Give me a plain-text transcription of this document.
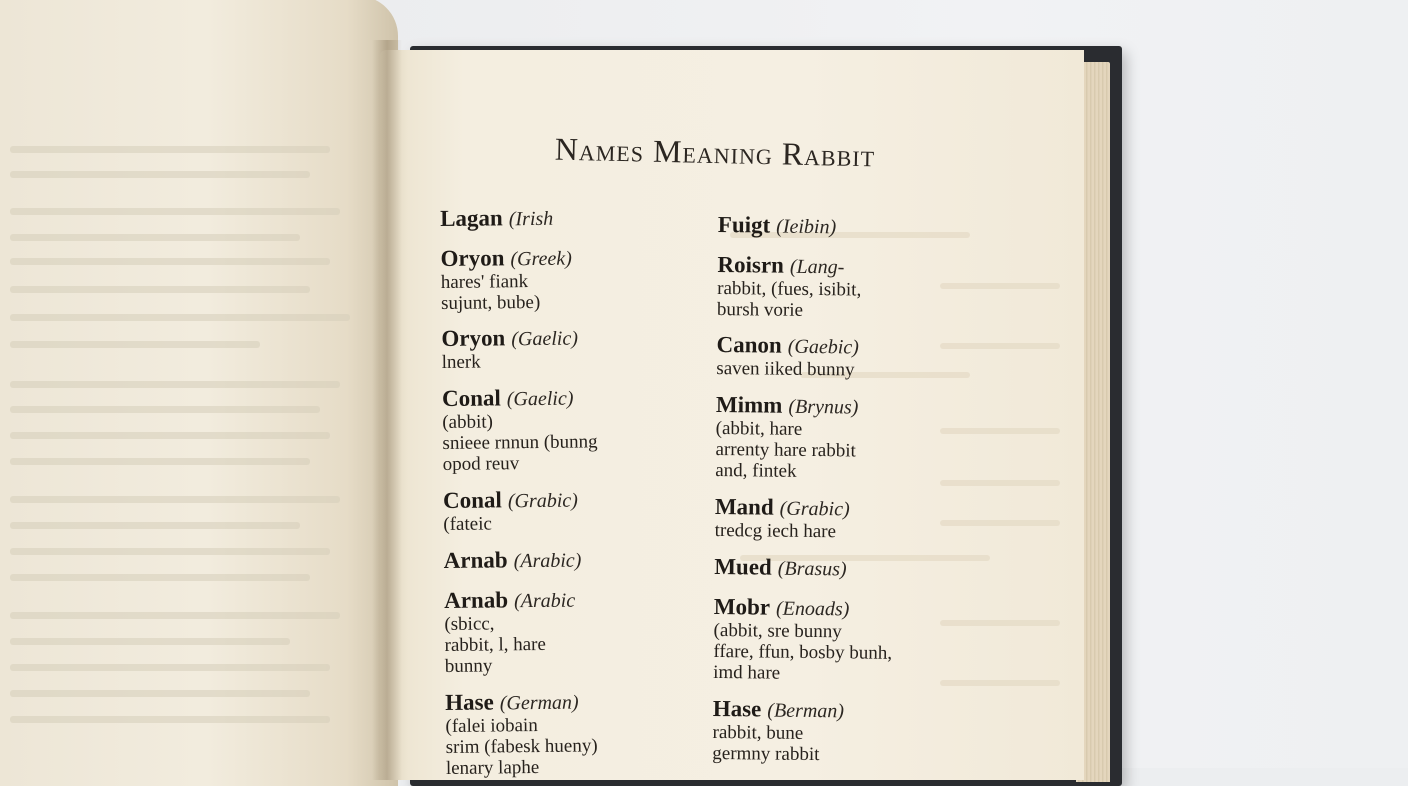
Names Meaning Rabbit
Lagan (Irish
Oryon (Greek)
hares' fiank
sujunt, bube)
Oryon (Gaelic)
lnerk
Conal (Gaelic)
(abbit)
snieee rnnun (bunng
opod reuv
Conal (Grabic)
(fateic
Arnab (Arabic)
Arnab (Arabic
(sbicc,
rabbit, l, hare
bunny
Hase (German)
(falei iobain
srim (fabesk hueny)
lenary laphe
Fuigt (Ieibin)
Roisrn (Lang-
rabbit, (fues, isibit,
bursh vorie
Canon (Gaebic)
saven iiked bunny
Mimm (Brynus)
(abbit, hare
arrenty hare rabbit
and, fintek
Mand (Grabic)
tredcg iech hare
Mued (Brasus)
Mobr (Enoads)
(abbit, sre bunny
ffare, ffun, bosby bunh,
imd hare
Hase (Berman)
rabbit, bune
germny rabbit
